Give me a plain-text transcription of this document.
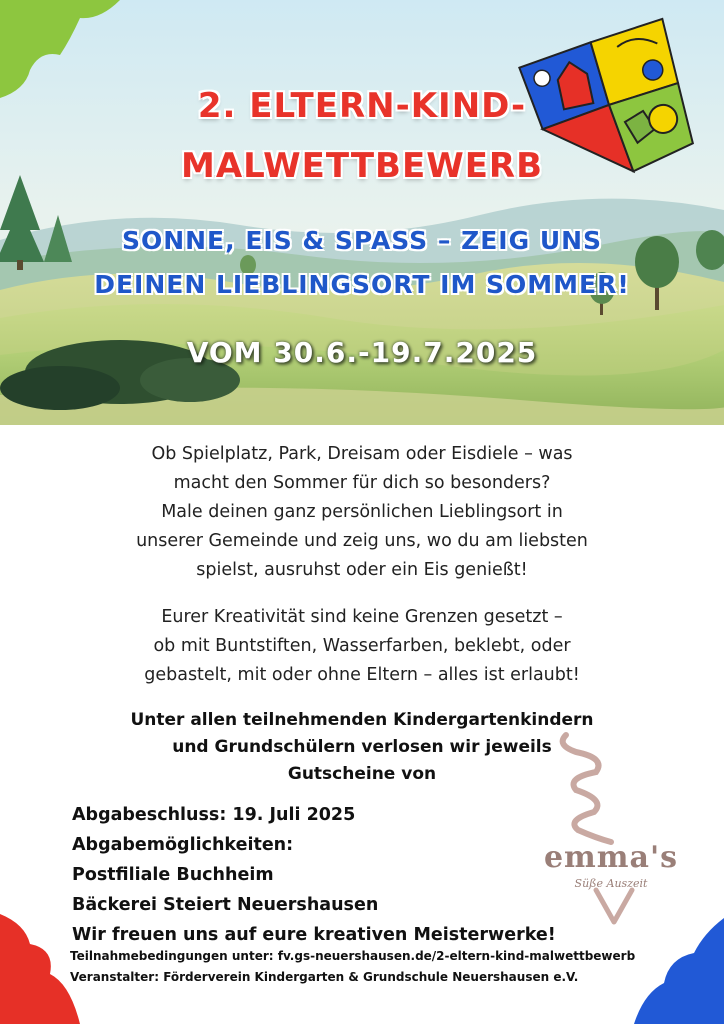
2. ELTERN-KIND-
MALWETTBEWERB
SONNE, EIS & SPASS – ZEIG UNS
DEINEN LIEBLINGSORT IM SOMMER!
VOM 30.6.-19.7.2025
Ob Spielplatz, Park, Dreisam oder Eisdiele – was
macht den Sommer für dich so besonders?
Male deinen ganz persönlichen Lieblingsort in
unserer Gemeinde und zeig uns, wo du am liebsten
spielst, ausruhst oder ein Eis genießt!
Eurer Kreativität sind keine Grenzen gesetzt –
ob mit Buntstiften, Wasserfarben, beklebt, oder
gebastelt, mit oder ohne Eltern – alles ist erlaubt!
Unter allen teilnehmenden Kindergartenkindern
und Grundschülern verlosen wir jeweils
Gutscheine von
Abgabeschluss: 19. Juli 2025
Abgabemöglichkeiten:
Postfiliale Buchheim
Bäckerei Steiert Neuershausen
Wir freuen uns auf eure kreativen Meisterwerke!
emma's
Süße Auszeit
Teilnahmebedingungen unter: fv.gs-neuershausen.de/2-eltern-kind-malwettbewerb
Veranstalter: Förderverein Kindergarten & Grundschule Neuershausen e.V.
